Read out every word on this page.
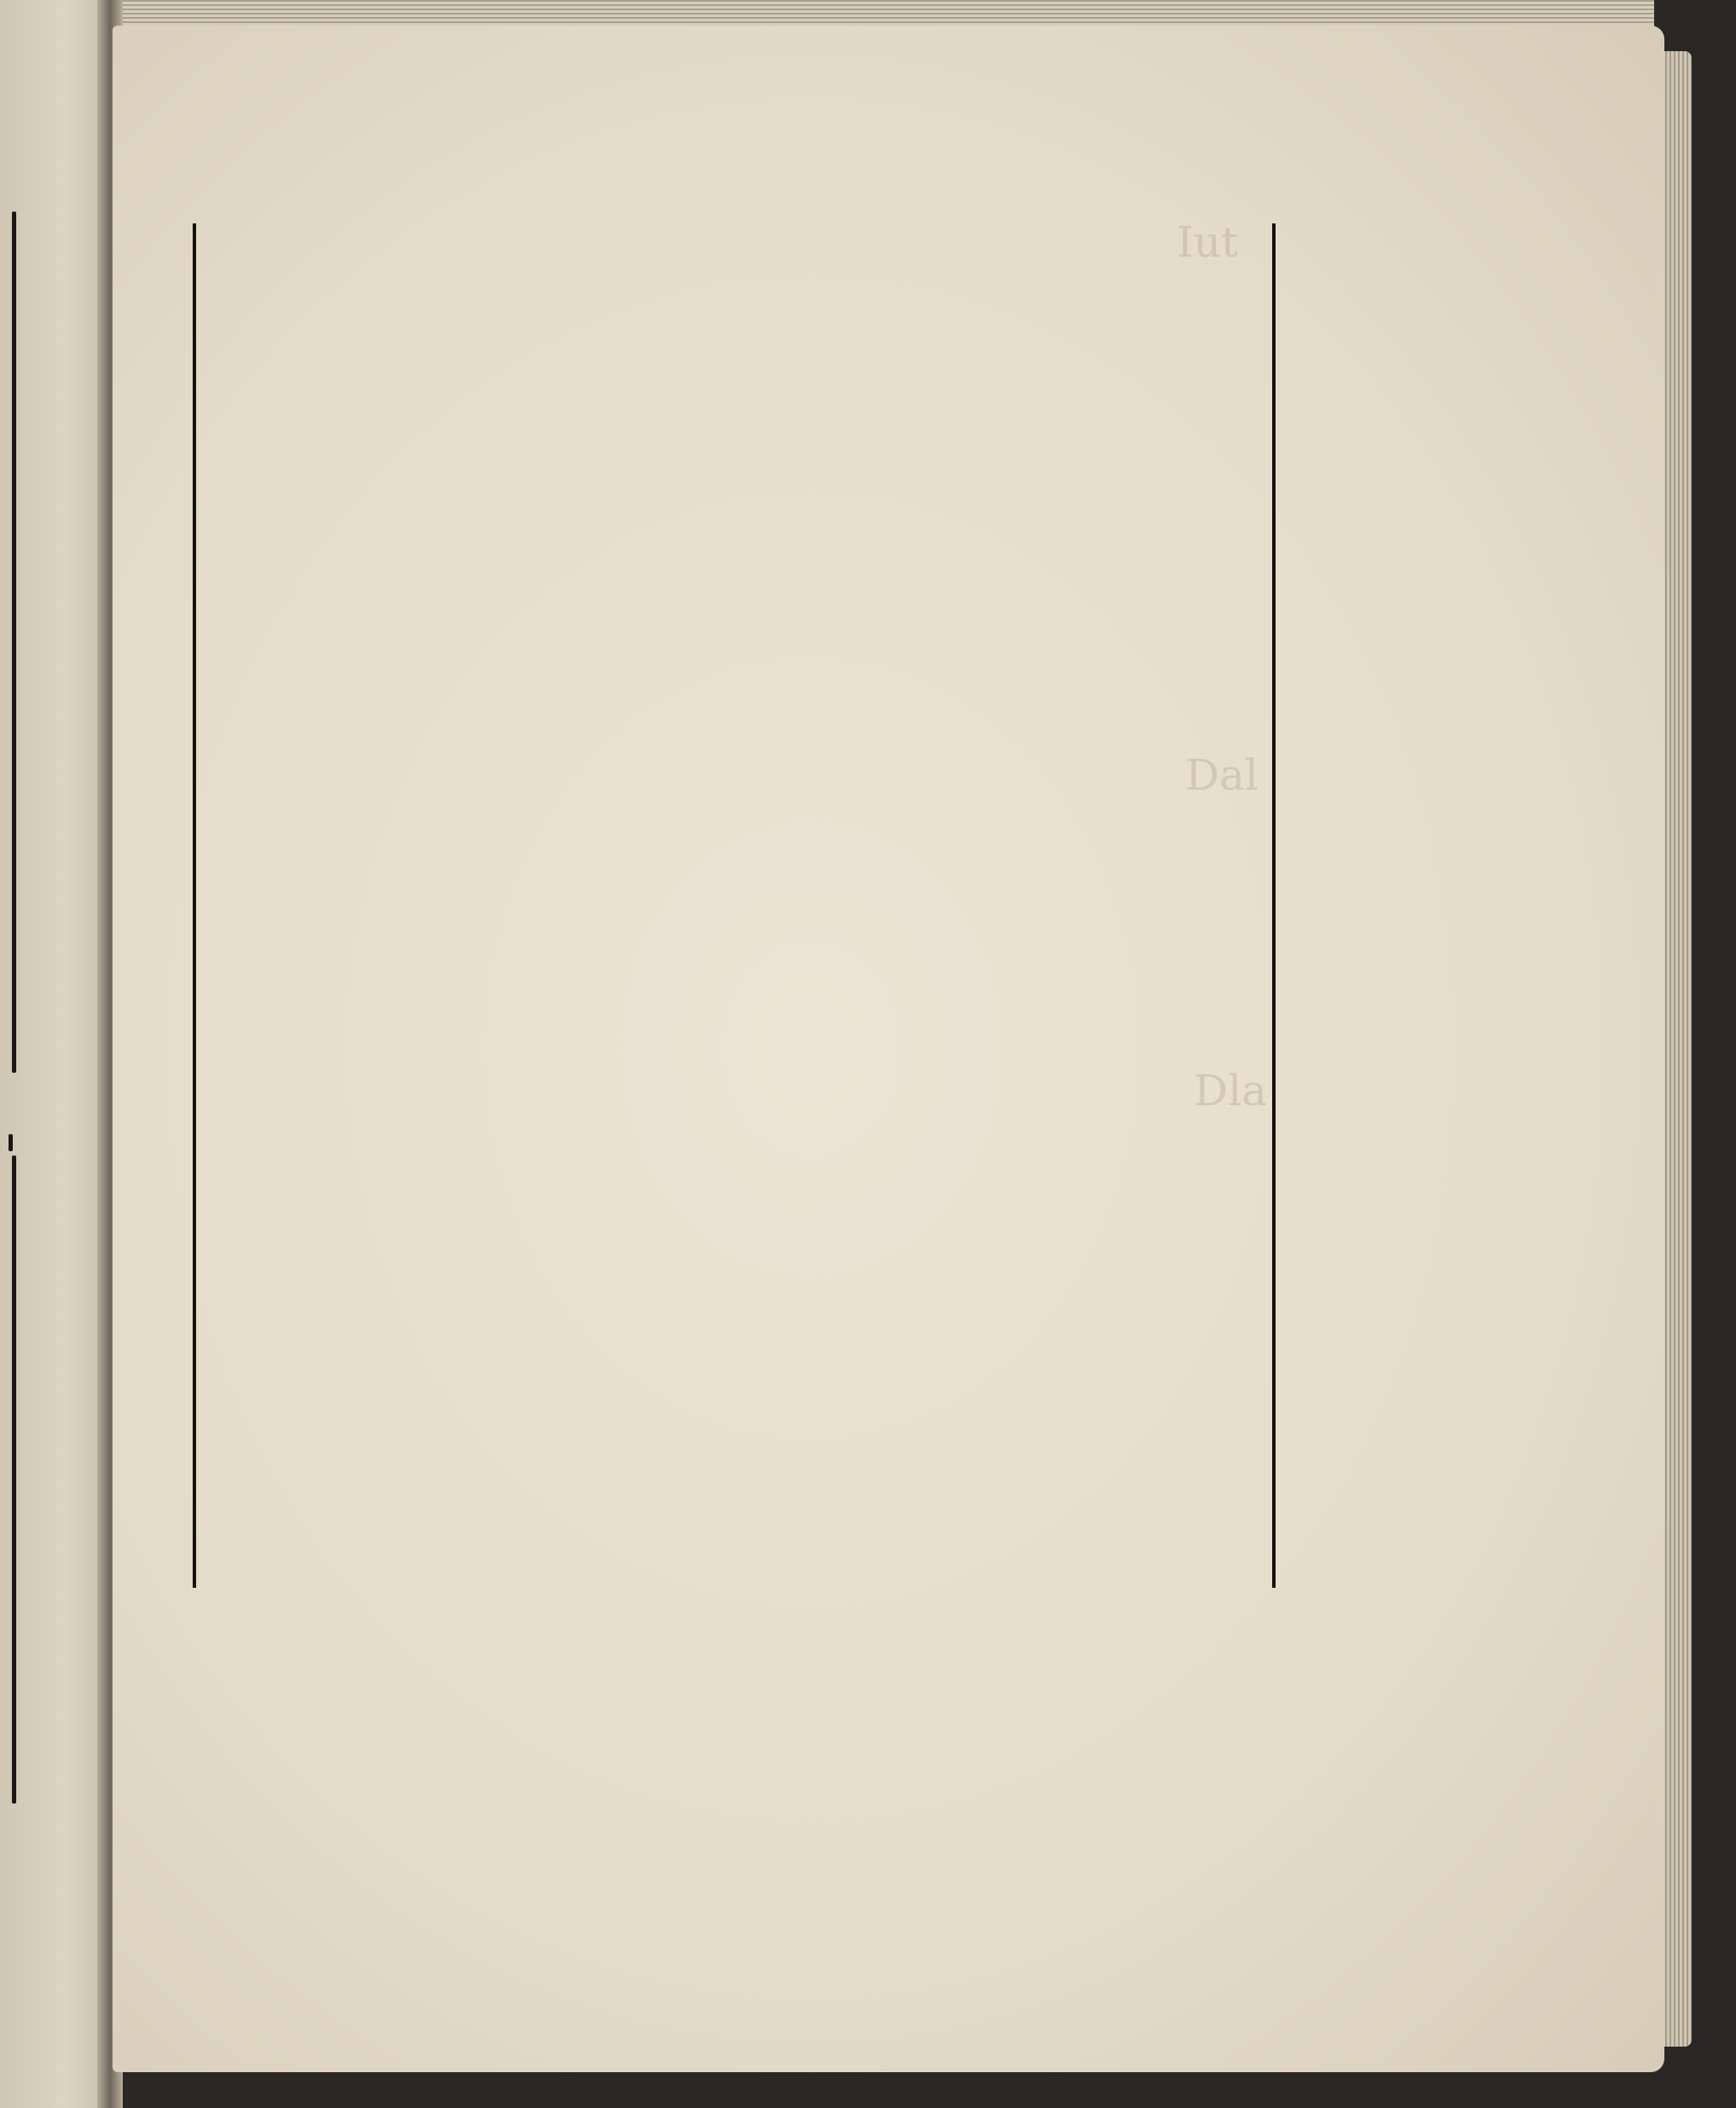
Iut
Dal
Dla
